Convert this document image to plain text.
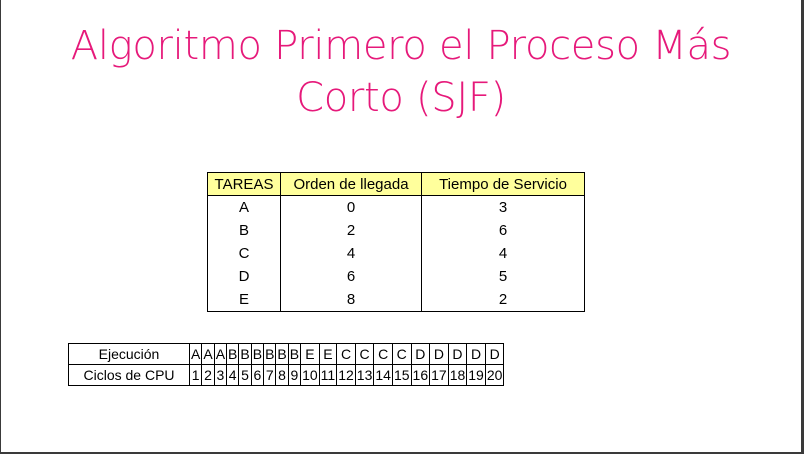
Algoritmo Primero el Proceso Más
Corto (SJF)
TAREAS	Orden de llegada	Tiempo de Servicio
A	0	3
B	2	6
C	4	4
D	6	5
E	8	2
Ejecución	A	A	A	B	B	B	B	B	B	E	E	C	C	C	C	D	D	D	D	D
Ciclos de CPU	1	2	3	4	5	6	7	8	9	10	11	12	13	14	15	16	17	18	19	20
